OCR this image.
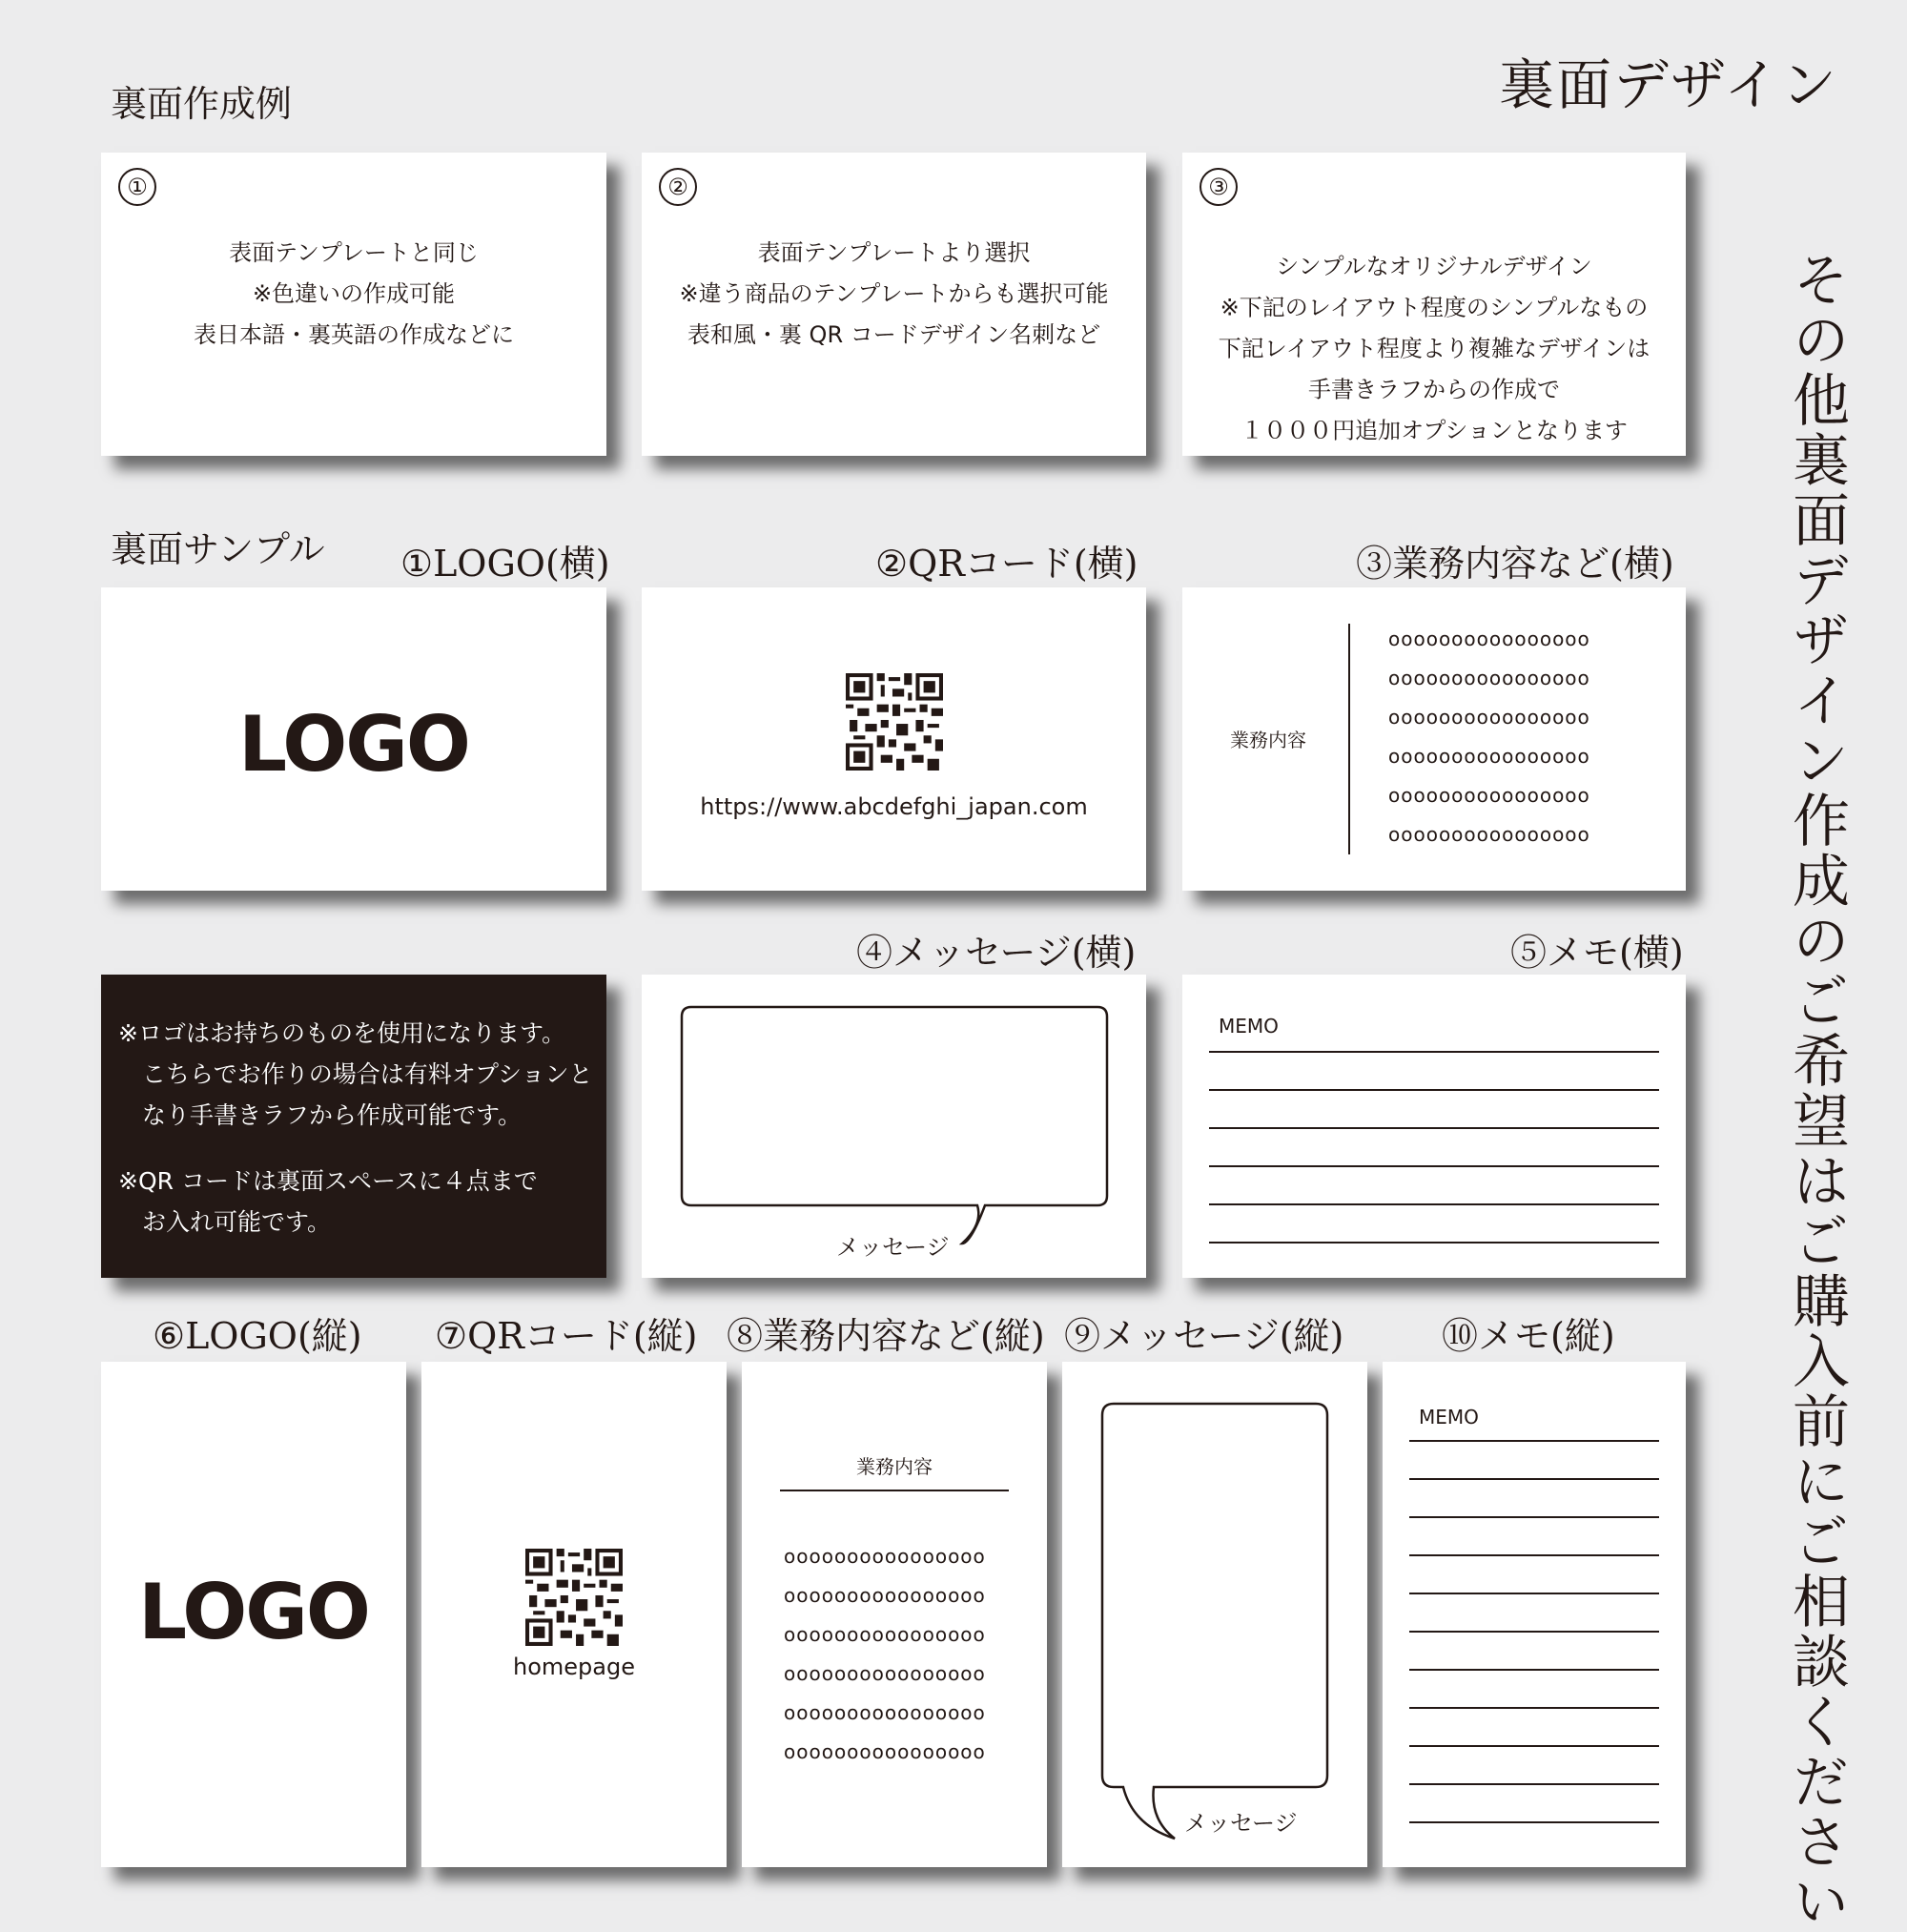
裏面デザイン
その他裏面デザイン作成のご希望はご購入前にご相談ください
裏面作成例
①
表面テンプレートと同じ
※色違いの作成可能
表日本語・裏英語の作成などに
②
表面テンプレートより選択
※違う商品のテンプレートからも選択可能
表和風・裏 QR コードデザイン名刺など
③
シンプルなオリジナルデザイン
※下記のレイアウト程度のシンプルなもの
下記レイアウト程度より複雑なデザインは
手書きラフからの作成で
１０００円追加オプションとなります
裏面サンプル ①LOGO(横)	②QRコード(横)	③業務内容など(横)
LOGO
https://www.abcdefghi_japan.com
業務内容
oooooooooooooooo
oooooooooooooooo
oooooooooooooooo
oooooooooooooooo
oooooooooooooooo
oooooooooooooooo
④メッセージ(横)	⑤メモ(横)
※ロゴはお持ちのものを使用になります。
　こちらでお作りの場合は有料オプションと
　なり手書きラフから作成可能です。
※QR コードは裏面スペースに４点まで
　お入れ可能です。
メッセージ
MEMO
⑥LOGO(縦) ⑦QRコード(縦) ⑧業務内容など(縦) ⑨メッセージ(縦)	⑩メモ(縦)
LOGO
homepage
業務内容
oooooooooooooooo
oooooooooooooooo
oooooooooooooooo
oooooooooooooooo
oooooooooooooooo
oooooooooooooooo
メッセージ
MEMO
